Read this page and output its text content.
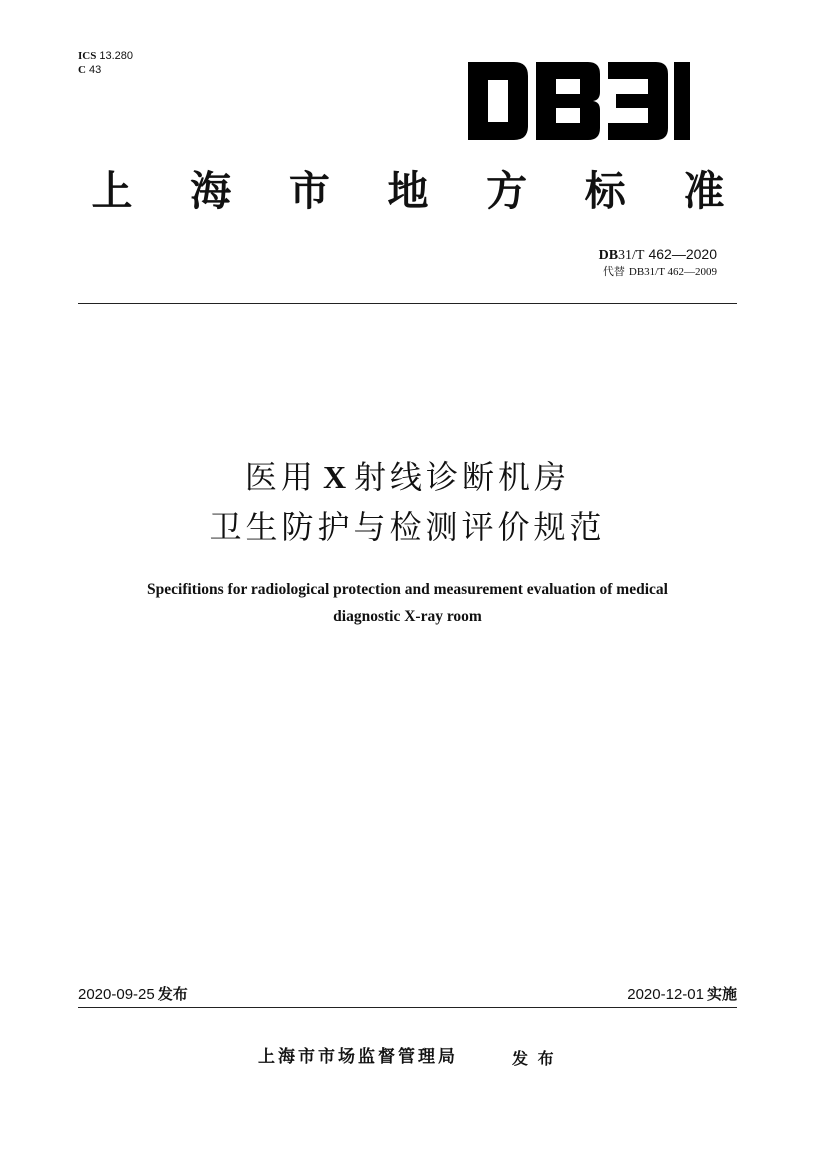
ICS 13.280
C 43
上 海 市 地 方 标 准
DB31/T 462—2020
代替 DB31/T 462—2009
医用 X 射线诊断机房
卫生防护与检测评价规范
Specifitions for radiological protection and measurement evaluation of medical
diagnostic X-ray room
2020-09-25 发布	2020-12-01 实施
上海市市场监督管理局	发 布
